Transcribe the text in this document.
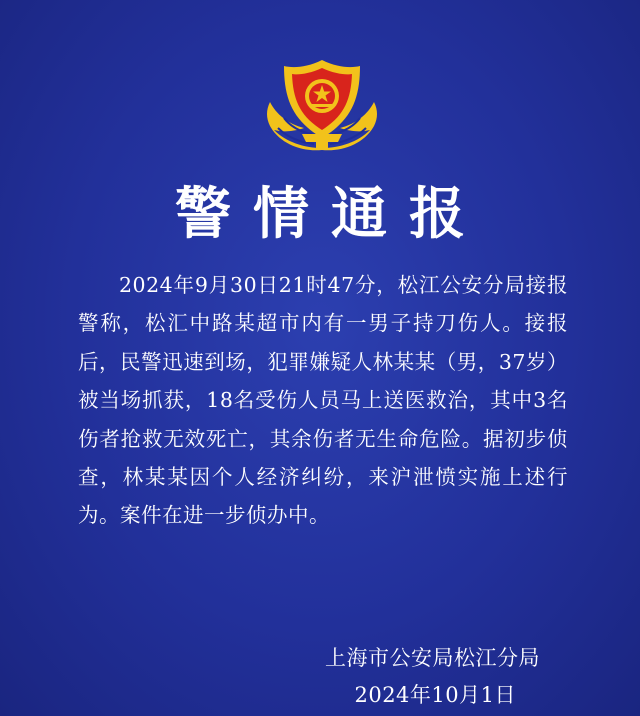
警情通报
2024年9月30日21时47分，松江公安分局接报警称，松汇中路某超市内有一男子持刀伤人。接报后，民警迅速到场，犯罪嫌疑人林某某（男，37岁）被当场抓获，18名受伤人员马上送医救治，其中3名伤者抢救无效死亡，其余伤者无生命危险。据初步侦查，林某某因个人经济纠纷，来沪泄愤实施上述行为。案件在进一步侦办中。
上海市公安局松江分局
2024年10月1日
